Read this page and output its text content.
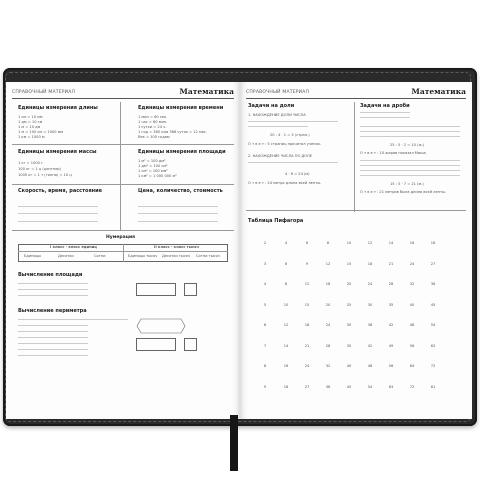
СПРАВОЧНЫЙ МАТЕРИАЛ	Математика
Единицы измерения длины
1 см = 10 мм
1 дм = 10 см
1 м = 10 дм
1 м = 100 см = 1000 мм
1 км = 1000 м
Единицы измерения времени
1 мин = 60 сек.
1 час = 60 мин.
1 сутки = 24 ч.
1 год = 365 или 366 суток = 12 мес.
Век = 100 годам
Единицы измерения массы
1 кг = 1000 г
100 кг = 1 ц (центнер)
1000 кг = 1 т (тонна) = 10 ц
Единицы измерения площади
1 м² = 100 дм²
1 дм² = 100 см²
1 см² = 100 мм²
1 км² = 1 000 000 м²
Скорость, время, расстояние	Цена, количество, стоимость
Нумерация
I класс - класс единиц	II класс - класс тысяч
Единицы	Десятки	Сотни	Единицы тысяч Десятки тысяч Сотни тысяч
Вычисление площади
Вычисление периметра
СПРАВОЧНЫЙ МАТЕРИАЛ	Математика
Задачи на доли
1. НАХОЖДЕНИЕ ДОЛИ ЧИСЛА
20 : 4 · 1 = 5 (стран.)
О т в е т : 5 страниц прочитал ученик.
2. НАХОЖДЕНИЕ ЧИСЛА ПО ДОЛЕ
4 · 6 = 24 (м)
О т в е т : 24 метра длина всей ленты.
Задачи на дроби
25 : 5 · 2 = 10 (ж.)
О т в е т : 10 жаров показал Миша
15 : 5 · 7 = 21 (м.)
О т в е т : 21 метров была длина всей ленты.
Таблица Пифагора
2	4	6	8	10	12	14	16	18
3	6	9	12	15	18	21	24	27
4	8	12	16	20	24	28	32	36
5	10	15	20	25	30	35	40	45
6	12	18	24	30	36	42	48	54
7	14	21	28	35	42	49	56	63
8	16	24	32	40	48	56	64	72
9	18	27	36	45	54	63	72	81
